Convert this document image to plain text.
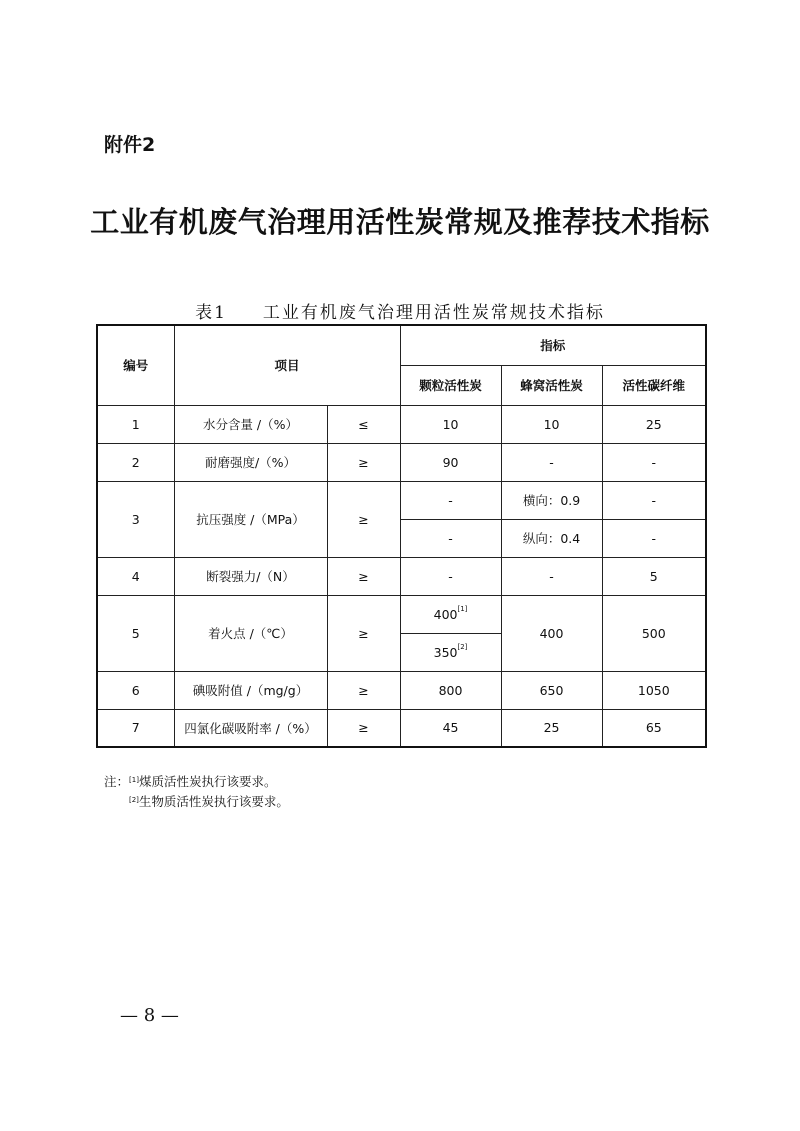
附件2
工业有机废气治理用活性炭常规及推荐技术指标
表1 工业有机废气治理用活性炭常规技术指标
编号	项目		指标		
			颗粒活性炭	蜂窝活性炭	活性碳纤维
1	水分含量 /（%）	≤	10	10	25
2	耐磨强度/（%）	≥	90	-	-
3	抗压强度 /（MPa）	≥	-	横向：0.9	-
			-	纵向：0.4	-
4	断裂强力/（N）	≥	-	-	5
5	着火点 /（℃）	≥	400[1]	400	500
			350[2]
6	碘吸附值 /（mg/g）	≥	800	650	1050
7	四氯化碳吸附率 /（%）	≥	45	25	65
注：[1]煤质活性炭执行该要求。
[2]生物质活性炭执行该要求。
— 8 —
